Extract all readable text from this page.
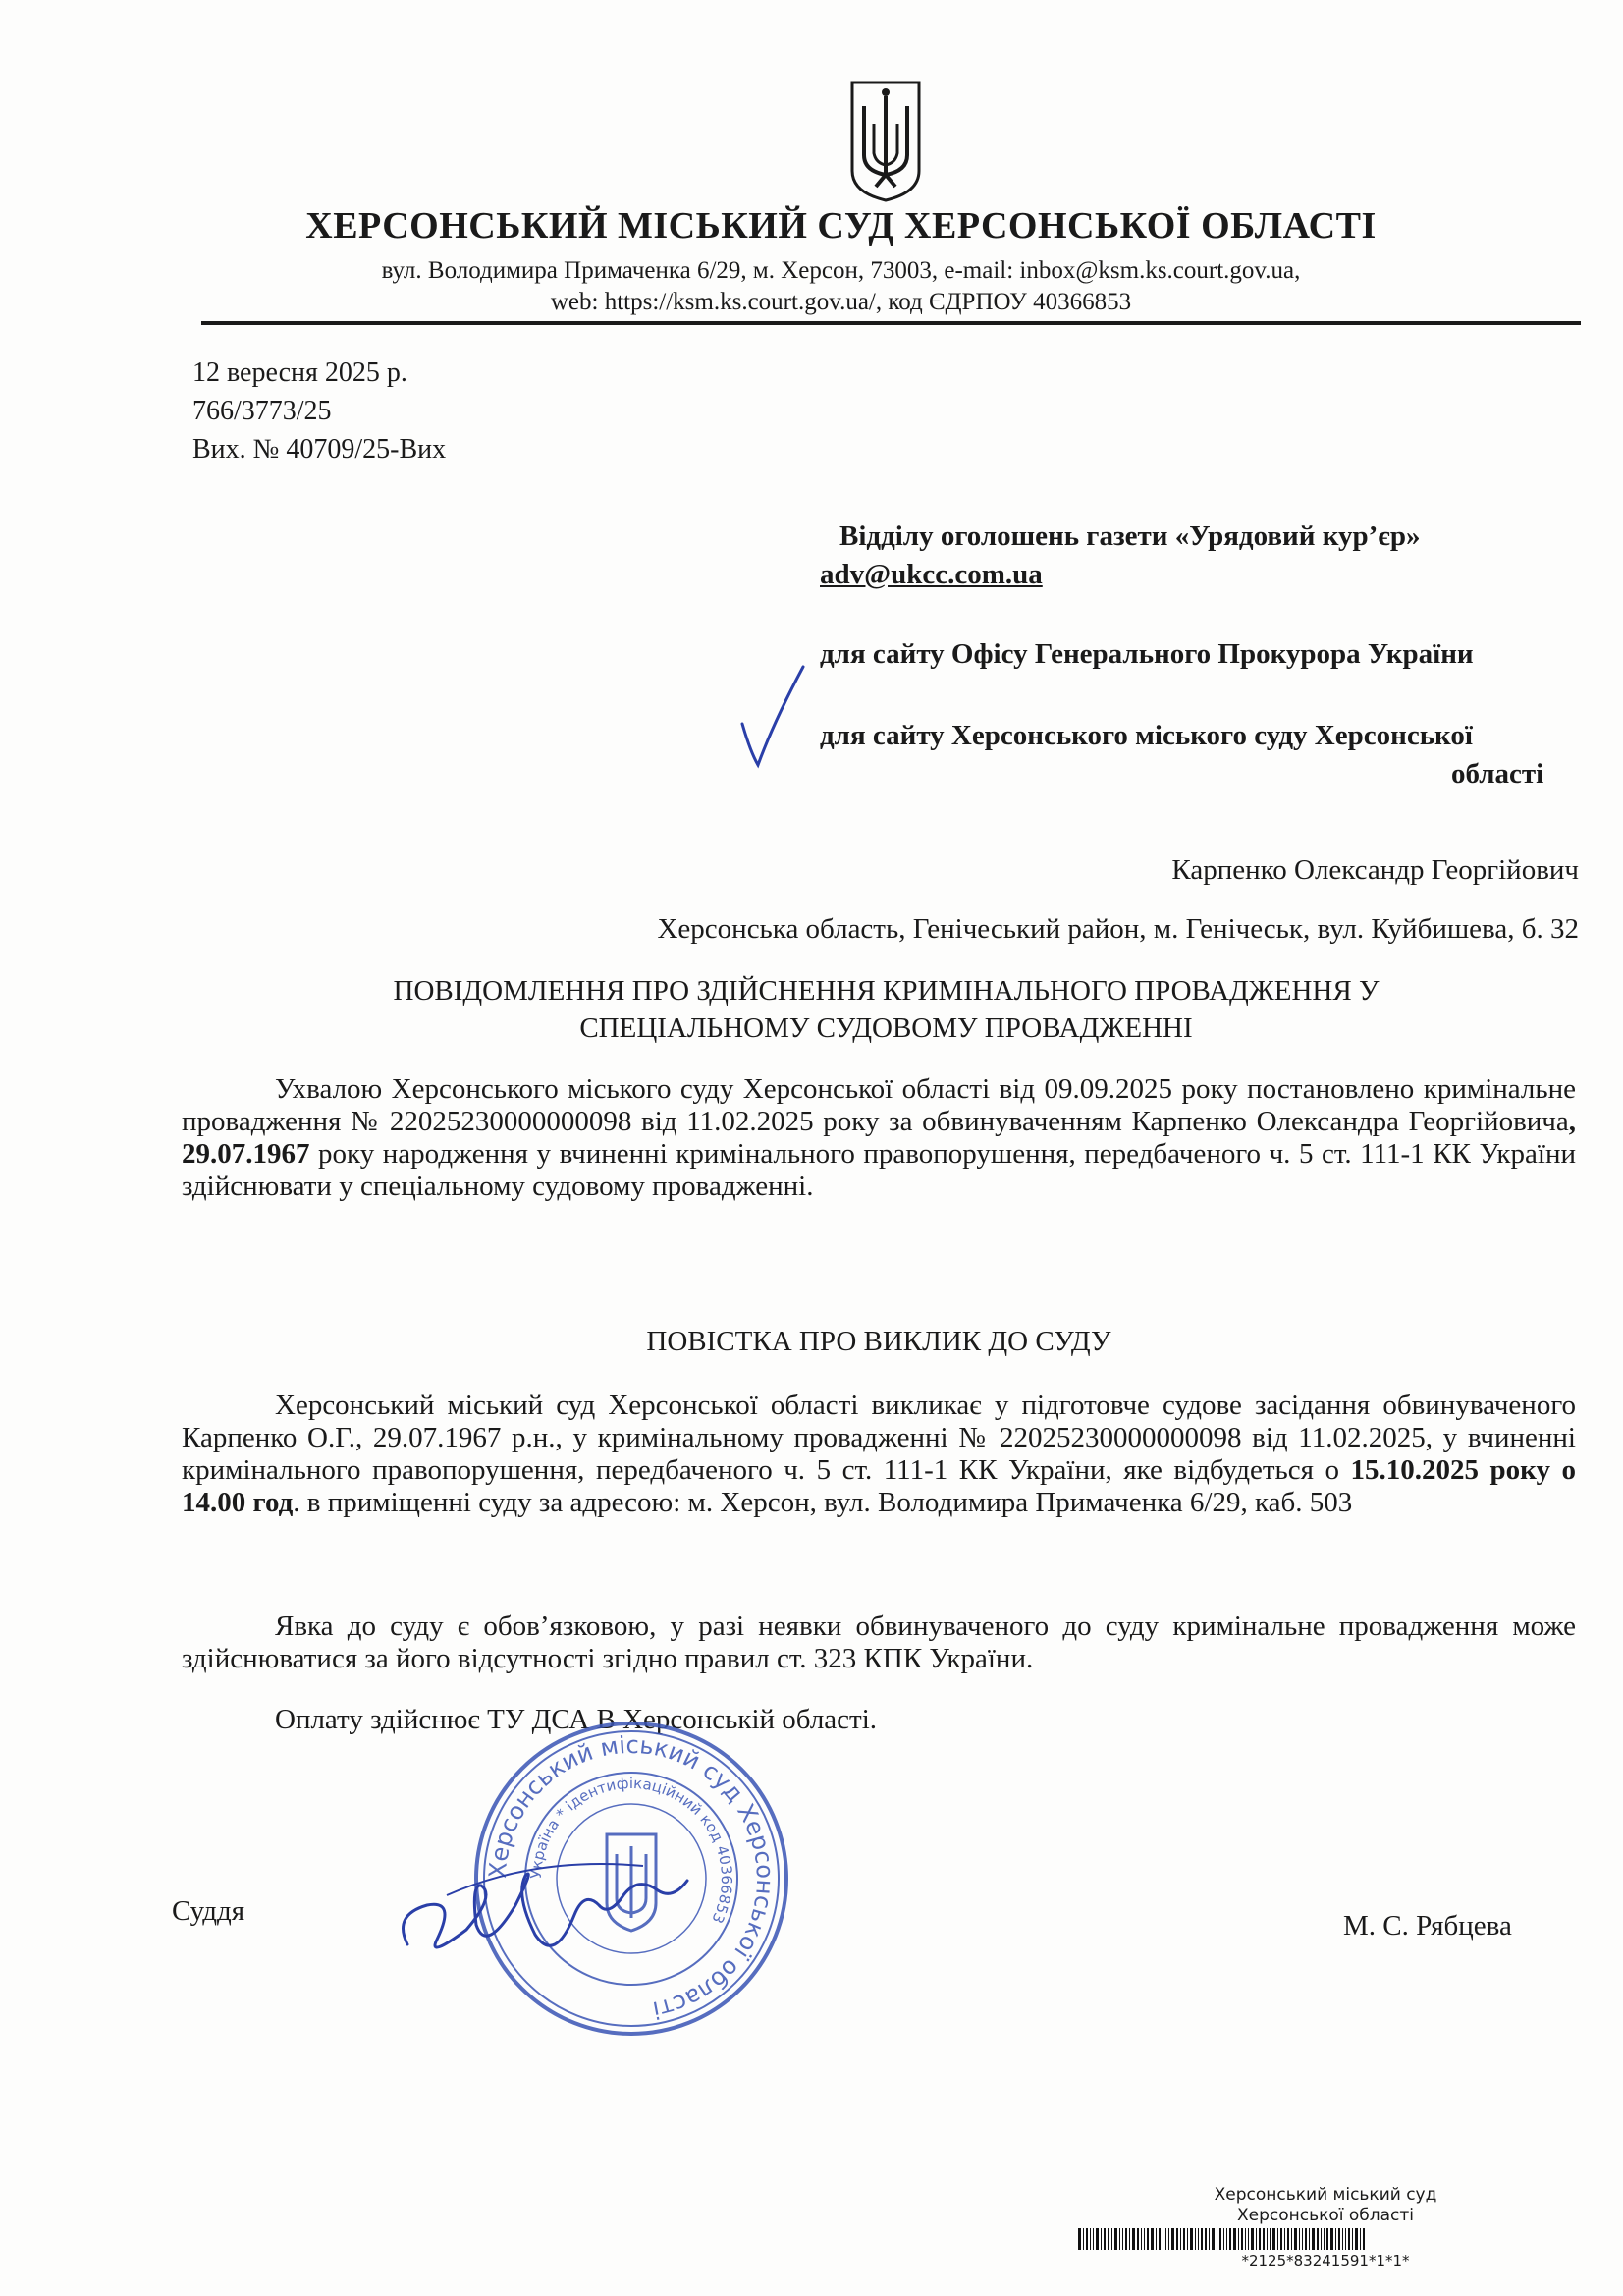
ХЕРСОНСЬКИЙ МІСЬКИЙ СУД ХЕРСОНСЬКОЇ ОБЛАСТІ
вул. Володимира Примаченка 6/29, м. Херсон, 73003, e-mail: inbox@ksm.ks.court.gov.ua,
web: https://ksm.ks.court.gov.ua/, код ЄДРПОУ 40366853
12 вересня 2025 р.
766/3773/25
Вих. № 40709/25-Вих
Відділу оголошень газети «Урядовий кур’єр»
adv@ukcc.com.ua
для сайту Офісу Генерального Прокурора України
для сайту Херсонського міського суду Херсонської
області
Карпенко Олександр Георгійович
Херсонська область, Генічеський район, м. Генічеськ, вул. Куйбишева, б. 32
ПОВІДОМЛЕННЯ ПРО ЗДІЙСНЕННЯ КРИМІНАЛЬНОГО ПРОВАДЖЕННЯ У
СПЕЦІАЛЬНОМУ СУДОВОМУ ПРОВАДЖЕННІ
Ухвалою Херсонського міського суду Херсонської області від 09.09.2025 року постановлено кримінальне провадження № 22025230000000098 від 11.02.2025 року за обвинуваченням Карпенко Олександра Георгійовича, 29.07.1967 року народження у вчиненні кримінального правопорушення, передбаченого ч. 5 ст. 111-1 КК України здійснювати у спеціальному судовому провадженні.
ПОВІСТКА ПРО ВИКЛИК ДО СУДУ
Херсонський міський суд Херсонської області викликає у підготовче судове засідання обвинуваченого Карпенко О.Г., 29.07.1967 р.н., у кримінальному провадженні № 22025230000000098 від 11.02.2025, у вчиненні кримінального правопорушення, передбаченого ч. 5 ст. 111-1 КК України, яке відбудеться о 15.10.2025 року о 14.00 год. в приміщенні суду за адресою: м. Херсон, вул. Володимира Примаченка 6/29, каб. 503
Явка до суду є обов’язковою, у разі неявки обвинуваченого до суду кримінальне провадження може здійснюватися за його відсутності згідно правил ст. 323 КПК України.
Оплату здійснює ТУ ДСА В Херсонській області.
Херсонський міський суд Херсонської області
Україна * ідентифікаційний код 40366853
Суддя	М. С. Рябцева
Херсонський міський суд
Херсонської області
*2125*83241591*1*1*
